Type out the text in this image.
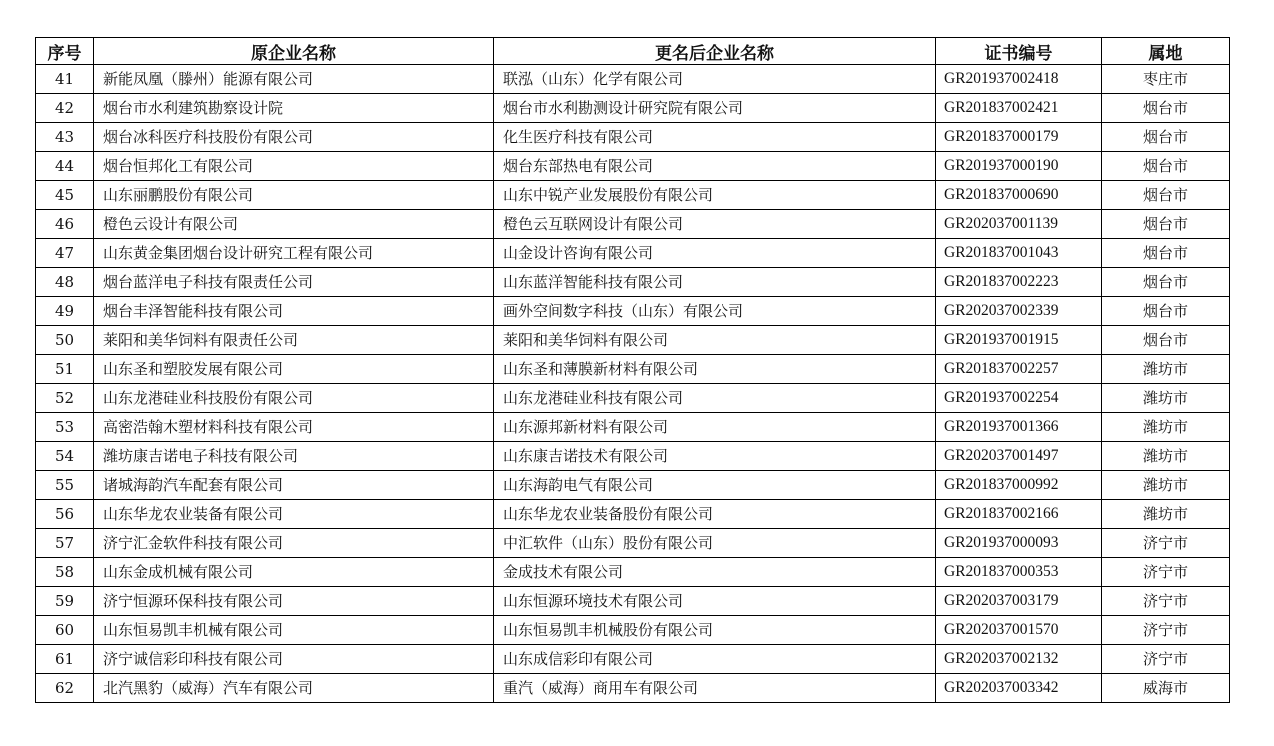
序号	原企业名称	更名后企业名称	证书编号	属地
41	新能凤凰（滕州）能源有限公司	联泓（山东）化学有限公司	GR201937002418	枣庄市
42	烟台市水利建筑勘察设计院	烟台市水利勘测设计研究院有限公司	GR201837002421	烟台市
43	烟台冰科医疗科技股份有限公司	化生医疗科技有限公司	GR201837000179	烟台市
44	烟台恒邦化工有限公司	烟台东部热电有限公司	GR201937000190	烟台市
45	山东丽鹏股份有限公司	山东中锐产业发展股份有限公司	GR201837000690	烟台市
46	橙色云设计有限公司	橙色云互联网设计有限公司	GR202037001139	烟台市
47	山东黄金集团烟台设计研究工程有限公司	山金设计咨询有限公司	GR201837001043	烟台市
48	烟台蓝洋电子科技有限责任公司	山东蓝洋智能科技有限公司	GR201837002223	烟台市
49	烟台丰泽智能科技有限公司	画外空间数字科技（山东）有限公司	GR202037002339	烟台市
50	莱阳和美华饲料有限责任公司	莱阳和美华饲料有限公司	GR201937001915	烟台市
51	山东圣和塑胶发展有限公司	山东圣和薄膜新材料有限公司	GR201837002257	潍坊市
52	山东龙港硅业科技股份有限公司	山东龙港硅业科技有限公司	GR201937002254	潍坊市
53	高密浩翰木塑材料科技有限公司	山东源邦新材料有限公司	GR201937001366	潍坊市
54	潍坊康吉诺电子科技有限公司	山东康吉诺技术有限公司	GR202037001497	潍坊市
55	诸城海韵汽车配套有限公司	山东海韵电气有限公司	GR201837000992	潍坊市
56	山东华龙农业装备有限公司	山东华龙农业装备股份有限公司	GR201837002166	潍坊市
57	济宁汇金软件科技有限公司	中汇软件（山东）股份有限公司	GR201937000093	济宁市
58	山东金成机械有限公司	金成技术有限公司	GR201837000353	济宁市
59	济宁恒源环保科技有限公司	山东恒源环境技术有限公司	GR202037003179	济宁市
60	山东恒易凯丰机械有限公司	山东恒易凯丰机械股份有限公司	GR202037001570	济宁市
61	济宁诚信彩印科技有限公司	山东成信彩印有限公司	GR202037002132	济宁市
62	北汽黑豹（威海）汽车有限公司	重汽（威海）商用车有限公司	GR202037003342	威海市
